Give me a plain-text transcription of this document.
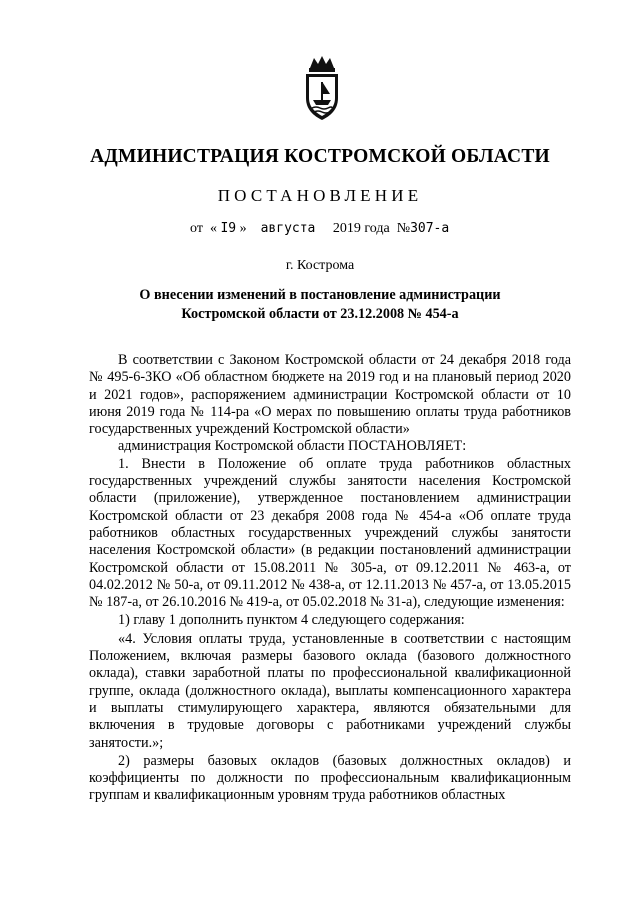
АДМИНИСТРАЦИЯ КОСТРОМСКОЙ ОБЛАСТИ
ПОСТАНОВЛЕНИЕ
от « I9 » августа 2019 года №307-а
г. Кострома
О внесении изменений в постановление администрации
Костромской области от 23.12.2008 № 454-а

В соответствии с Законом Костромской области от 24 декабря 2018 года № 495-6-ЗКО «Об областном бюджете на 2019 год и на плановый период 2020 и 2021 годов», распоряжением администрации Костромской области от 10 июня 2019 года № 114-ра «О мерах по повышению оплаты труда работников государственных учреждений Костромской области»

администрация Костромской области ПОСТАНОВЛЯЕТ:

1. Внести в Положение об оплате труда работников областных государственных учреждений службы занятости населения Костромской области (приложение), утвержденное постановлением администрации Костромской области от 23 декабря 2008 года № 454-а «Об оплате труда работников областных государственных учреждений службы занятости населения Костромской области» (в редакции постановлений администрации Костромской области от 15.08.2011 № 305-а, от 09.12.2011 № 463-а, от 04.02.2012 № 50-а, от 09.11.2012 № 438-а, от 12.11.2013 № 457-а, от 13.05.2015 № 187-а, от 26.10.2016 № 419-а, от 05.02.2018 № 31-а), следующие изменения:

1) главу 1 дополнить пунктом 4 следующего содержания:

«4. Условия оплаты труда, установленные в соответствии с настоящим Положением, включая размеры базового оклада (базового должностного оклада), ставки заработной платы по профессиональной квалификационной группе, оклада (должностного оклада), выплаты компенсационного характера и выплаты стимулирующего характера, являются обязательными для включения в трудовые договоры с работниками учреждений службы занятости.»;

2) размеры базовых окладов (базовых должностных окладов) и коэффициенты по должности по профессиональным квалификационным группам и квалификационным уровням труда работников областных
